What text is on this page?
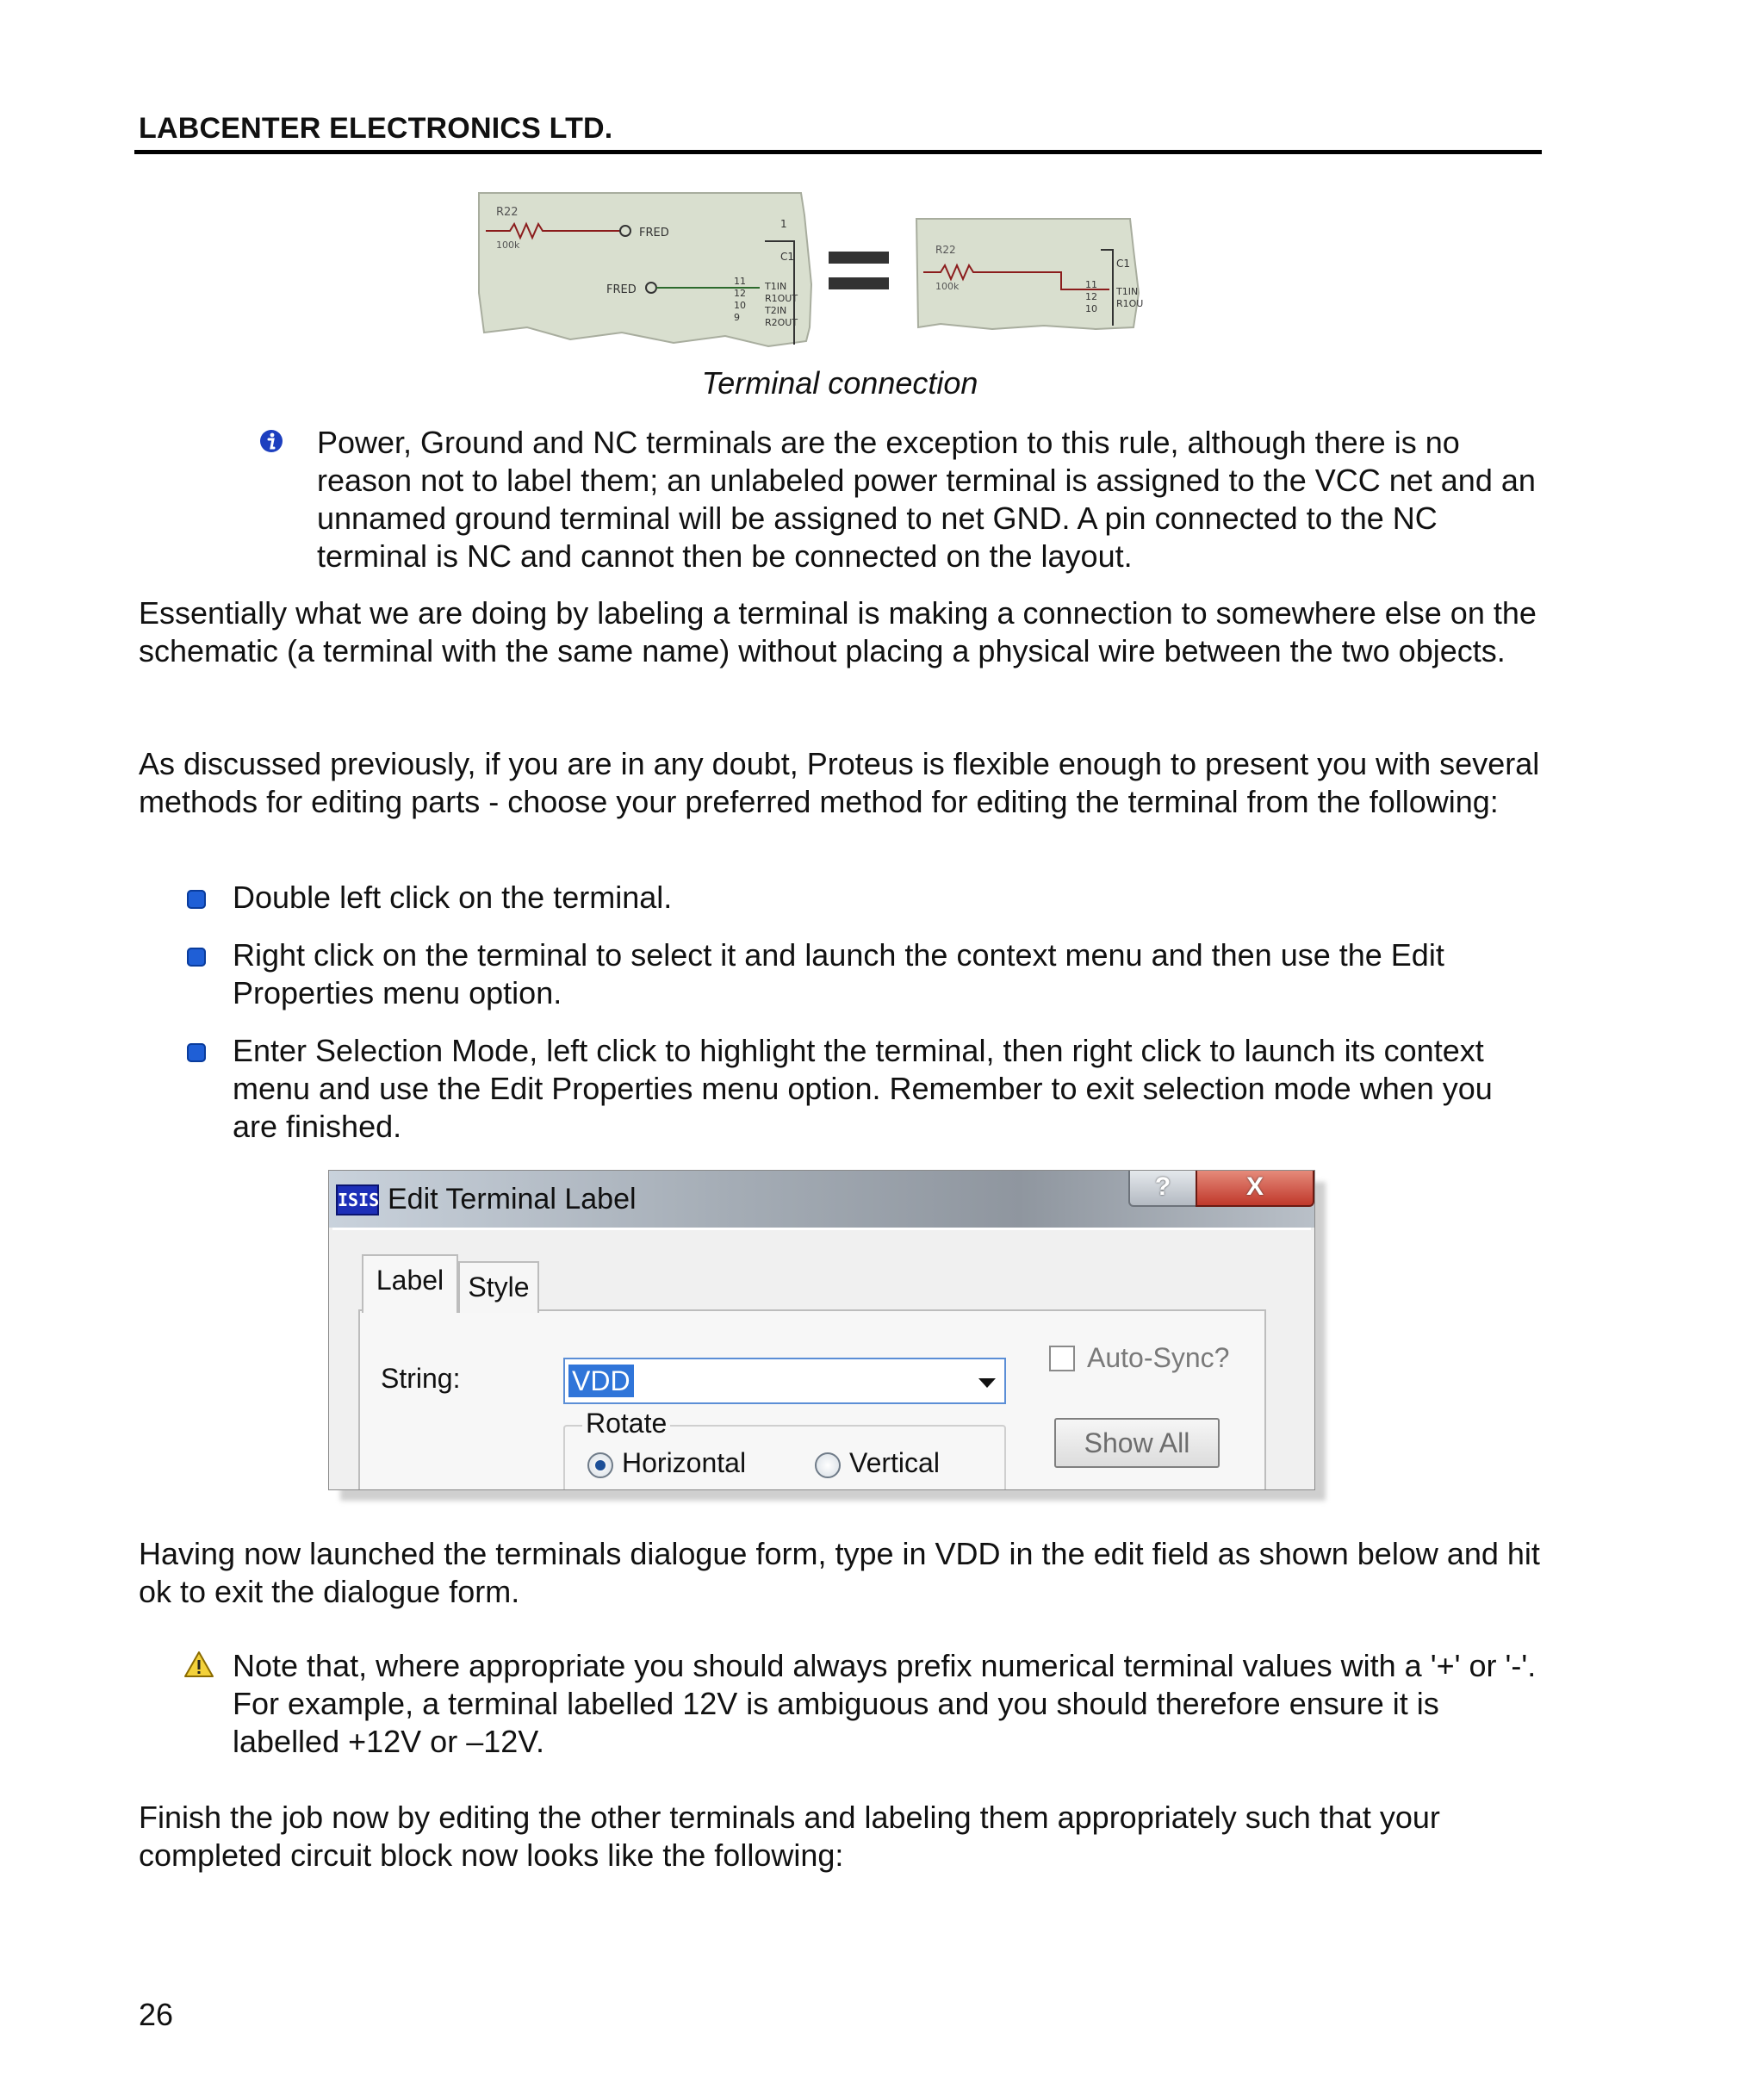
LABCENTER ELECTRONICS LTD.
R22
100k
FRED
FRED
1
C1
11
12
10
9
T1IN
R1OUT
T2IN
R2OUT
R22
100k
C1
11
12
10
T1IN
R1OU
Terminal connection

Power, Ground and NC terminals are the exception to this rule, although there is no reason not to label them; an unlabeled power terminal is assigned to the VCC net and an unnamed ground terminal will be assigned to net GND. A pin connected to the NC terminal is NC and cannot then be connected on the layout.

Essentially what we are doing by labeling a terminal is making a connection to somewhere else on the schematic (a terminal with the same name) without placing a physical wire between the two objects.

As discussed previously, if you are in any doubt, Proteus is flexible enough to present you with several methods for editing parts - choose your preferred method for editing the terminal from the following:

Double left click on the terminal.

Right click on the terminal to select it and launch the context menu and then use the Edit Properties menu option.

Enter Selection Mode, left click to highlight the terminal, then right click to launch its context menu and use the Edit Properties menu option. Remember to exit selection mode when you are finished.

ISIS Edit Terminal Label	?	X
Label Style
String:	VDD
Auto-Sync?
Rotate
Horizontal	Vertical
Show All

Having now launched the terminals dialogue form, type in VDD in the edit field as shown below and hit ok to exit the dialogue form.

Note that, where appropriate you should always prefix numerical terminal values with a '+' or '-'. For example, a terminal labelled 12V is ambiguous and you should therefore ensure it is labelled +12V or –12V.

Finish the job now by editing the other terminals and labeling them appropriately such that your completed circuit block now looks like the following:

26
